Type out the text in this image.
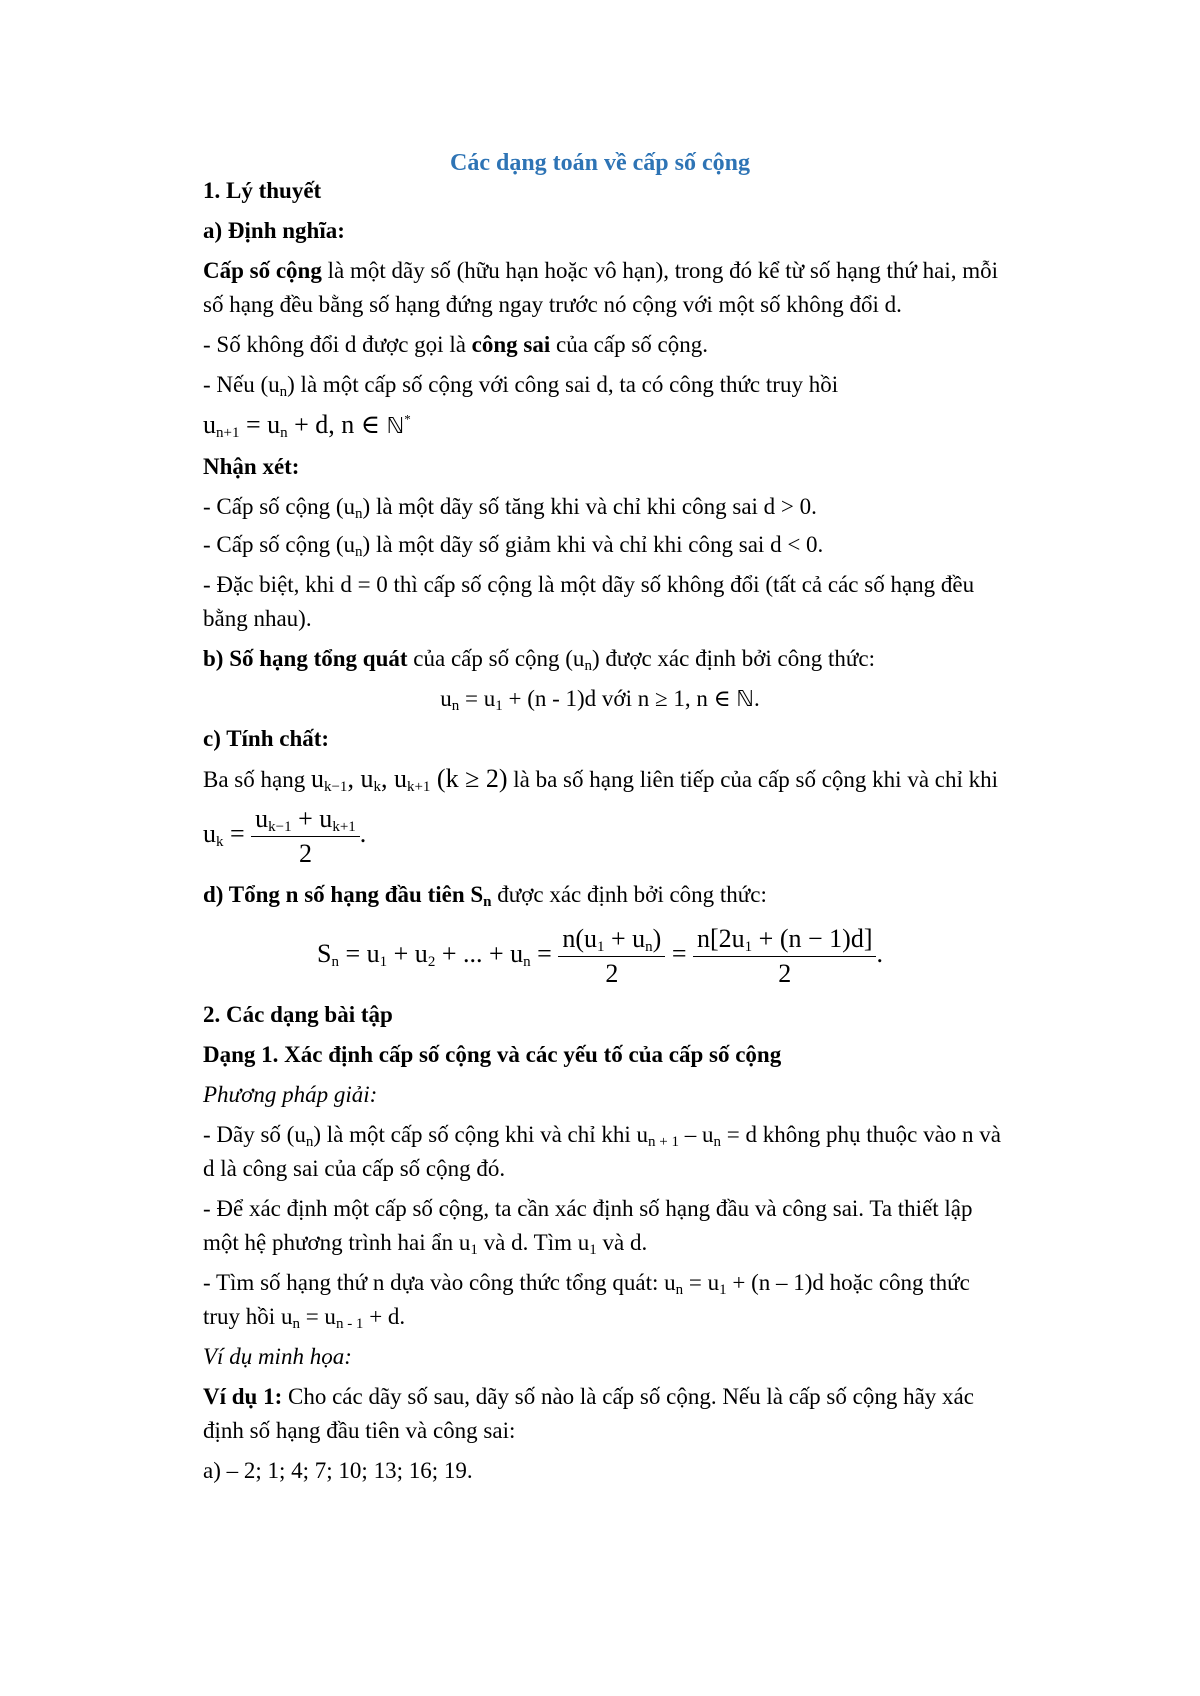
Các dạng toán về cấp số cộng
1. Lý thuyết
a) Định nghĩa:
Cấp số cộng là một dãy số (hữu hạn hoặc vô hạn), trong đó kể từ số hạng thứ hai, mỗi
số hạng đều bằng số hạng đứng ngay trước nó cộng với một số không đổi d.
- Số không đổi d được gọi là công sai của cấp số cộng.
- Nếu $(u_n)$ là một cấp số cộng với công sai d, ta có công thức truy hồi
$u_{n+1} = u_n + d$, n ∈ ℕ*
Nhận xét:
- Cấp số cộng $(u_n)$ là một dãy số tăng khi và chỉ khi công sai d > 0.
- Cấp số cộng $(u_n)$ là một dãy số giảm khi và chỉ khi công sai d < 0.
- Đặc biệt, khi d = 0 thì cấp số cộng là một dãy số không đổi (tất cả các số hạng đều
bằng nhau).
b) Số hạng tổng quát của cấp số cộng $(u_n)$ được xác định bởi công thức:
$u_n = u_1 + (n - 1)d$ với n ≥ 1, n ∈ ℕ.
c) Tính chất:
Ba số hạng $u_{k-1}$, $u_k$, $u_{k+1}$ (k ≥ 2) là ba số hạng liên tiếp của cấp số cộng khi và chỉ khi
$u_k = \frac{u_{k-1} + u_{k+1}}{2}$ .
d) Tổng n số hạng đầu tiên $S_n$ được xác định bởi công thức:
$S_n = u_1 + u_2$ + ... + $u_n = \frac{n(u_1 + u_n)}{2} = \frac{n[2u_1 + (n - 1)d]}{2}$ .
2. Các dạng bài tập
Dạng 1. Xác định cấp số cộng và các yếu tố của cấp số cộng
Phương pháp giải:
- Dãy số $(u_n)$ là một cấp số cộng khi và chỉ khi $u_{n + 1} - u_n = d$ không phụ thuộc vào n và
d là công sai của cấp số cộng đó.
- Để xác định một cấp số cộng, ta cần xác định số hạng đầu và công sai. Ta thiết lập
một hệ phương trình hai ẩn $u_1$ và d. Tìm $u_1$ và d.
- Tìm số hạng thứ n dựa vào công thức tổng quát: $u_n = u_1 + (n - 1)d$ hoặc công thức
truy hồi $u_n = u_{n - 1} + d$.
Ví dụ minh họa:
Ví dụ 1: Cho các dãy số sau, dãy số nào là cấp số cộng. Nếu là cấp số cộng hãy xác
định số hạng đầu tiên và công sai:
a) – 2; 1; 4; 7; 10; 13; 16; 19.
